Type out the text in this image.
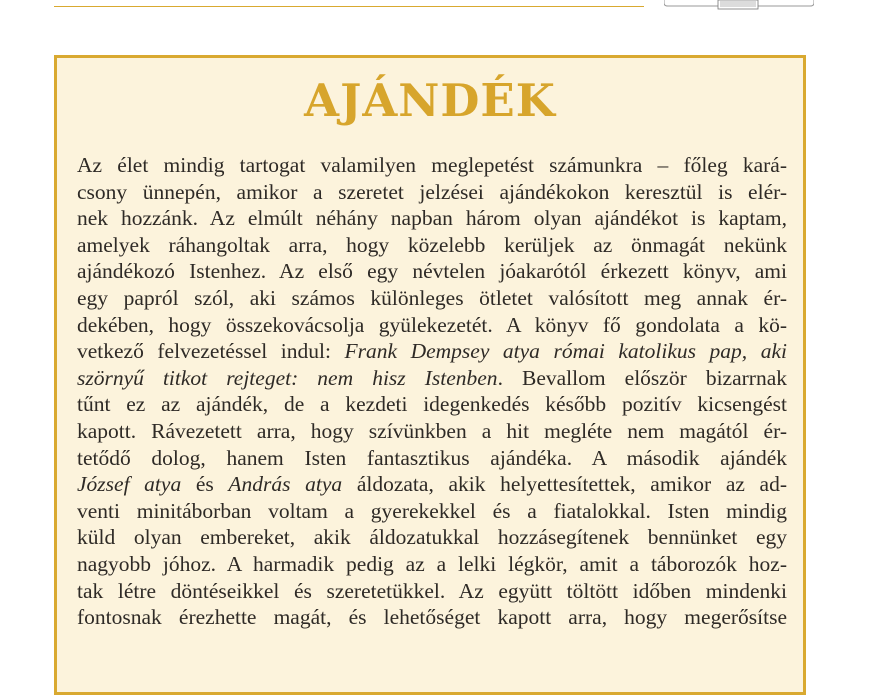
AJÁNDÉK
Az élet mindig tartogat valamilyen meglepetést számunkra – főleg kará-
csony ünnepén, amikor a szeretet jelzései ajándékokon keresztül is elér-
nek hozzánk. Az elmúlt néhány napban három olyan ajándékot is kaptam,
amelyek ráhangoltak arra, hogy közelebb kerüljek az önmagát nekünk
ajándékozó Istenhez. Az első egy névtelen jóakarótól érkezett könyv, ami
egy papról szól, aki számos különleges ötletet valósított meg annak ér-
dekében, hogy összekovácsolja gyülekezetét. A könyv fő gondolata a kö-
vetkező felvezetéssel indul: Frank Dempsey atya római katolikus pap, aki
szörnyű titkot rejteget: nem hisz Istenben. Bevallom először bizarrnak
tűnt ez az ajándék, de a kezdeti idegenkedés később pozitív kicsengést
kapott. Rávezetett arra, hogy szívünkben a hit megléte nem magától ér-
tetődő dolog, hanem Isten fantasztikus ajándéka. A második ajándék
József atya és András atya áldozata, akik helyettesítettek, amikor az ad-
venti minitáborban voltam a gyerekekkel és a fiatalokkal. Isten mindig
küld olyan embereket, akik áldozatukkal hozzásegítenek bennünket egy
nagyobb jóhoz. A harmadik pedig az a lelki légkör, amit a táborozók hoz-
tak létre döntéseikkel és szeretetükkel. Az együtt töltött időben mindenki
fontosnak érezhette magát, és lehetőséget kapott arra, hogy megerősítse
